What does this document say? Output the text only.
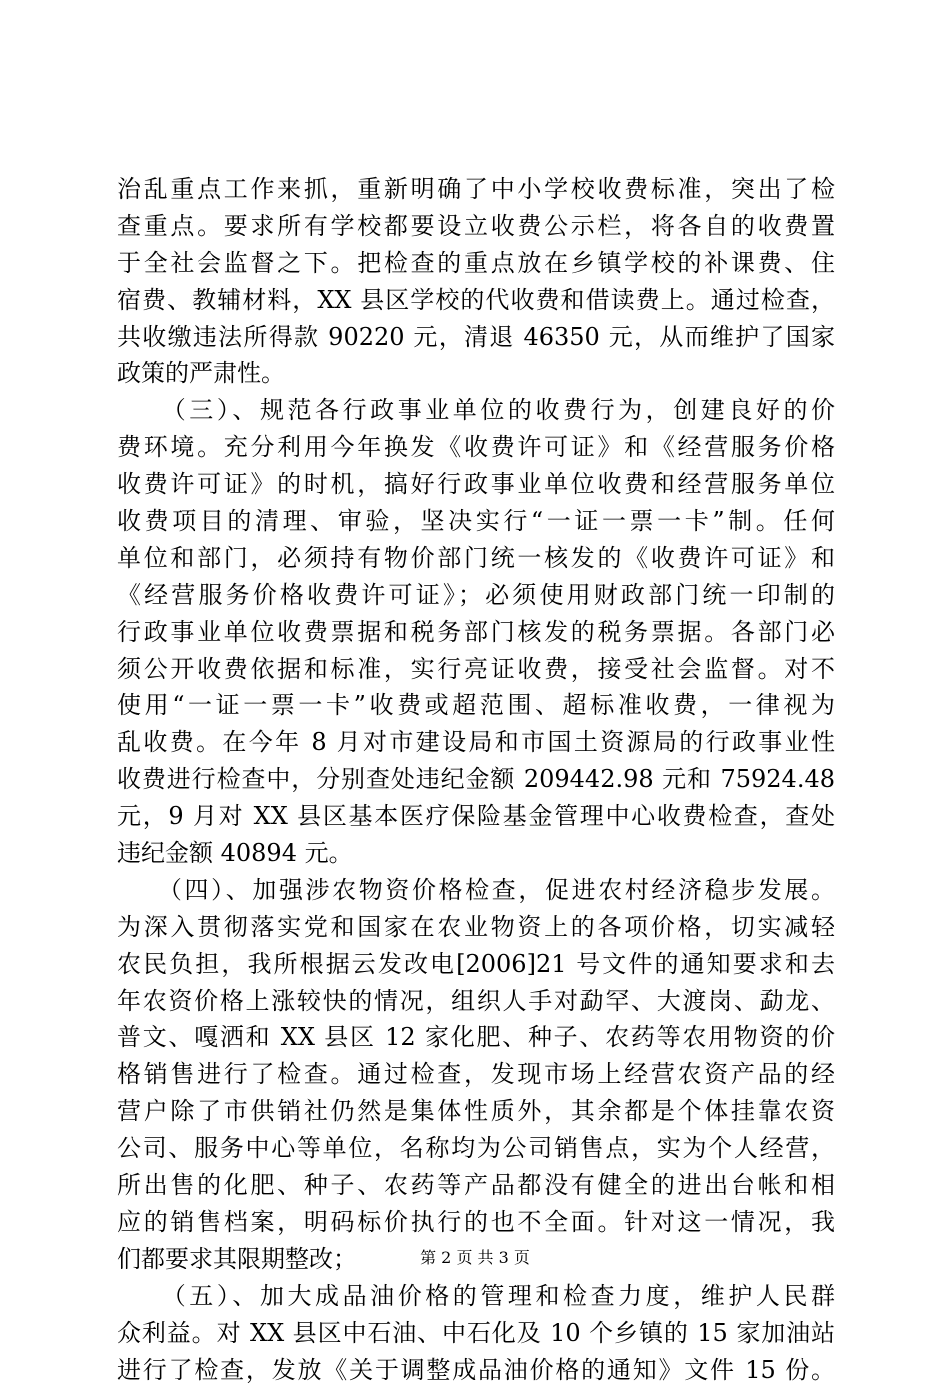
治乱重点工作来抓，重新明确了中小学校收费标准，突出了检
查重点。要求所有学校都要设立收费公示栏，将各自的收费置
于全社会监督之下。把检查的重点放在乡镇学校的补课费、住
宿费、教辅材料，XX 县区学校的代收费和借读费上。通过检查，
共收缴违法所得款 90220 元，清退 46350 元，从而维护了国家
政策的严肃性。
（三）、规范各行政事业单位的收费行为，创建良好的价
费环境。充分利用今年换发《收费许可证》和《经营服务价格
收费许可证》的时机，搞好行政事业单位收费和经营服务单位
收费项目的清理、审验，坚决实行“一证一票一卡”制。任何
单位和部门，必须持有物价部门统一核发的《收费许可证》和
《经营服务价格收费许可证》；必须使用财政部门统一印制的
行政事业单位收费票据和税务部门核发的税务票据。各部门必
须公开收费依据和标准，实行亮证收费，接受社会监督。对不
使用“一证一票一卡”收费或超范围、超标准收费，一律视为
乱收费。在今年 8 月对市建设局和市国土资源局的行政事业性
收费进行检查中，分别查处违纪金额 209442.98 元和 75924.48
元，9 月对 XX 县区基本医疗保险基金管理中心收费检查，查处
违纪金额 40894 元。
（四）、加强涉农物资价格检查，促进农村经济稳步发展。
为深入贯彻落实党和国家在农业物资上的各项价格，切实减轻
农民负担，我所根据云发改电[2006]21 号文件的通知要求和去
年农资价格上涨较快的情况，组织人手对勐罕、大渡岗、勐龙、
普文、嘎洒和 XX 县区 12 家化肥、种子、农药等农用物资的价
格销售进行了检查。通过检查，发现市场上经营农资产品的经
营户除了市供销社仍然是集体性质外，其余都是个体挂靠农资
公司、服务中心等单位，名称均为公司销售点，实为个人经营，
所出售的化肥、种子、农药等产品都没有健全的进出台帐和相
应的销售档案，明码标价执行的也不全面。针对这一情况，我
们都要求其限期整改；
（五）、加大成品油价格的管理和检查力度，维护人民群
众利益。对 XX 县区中石油、中石化及 10 个乡镇的 15 家加油站
进行了检查，发放《关于调整成品油价格的通知》文件 15 份。
第 2 页 共 3 页
